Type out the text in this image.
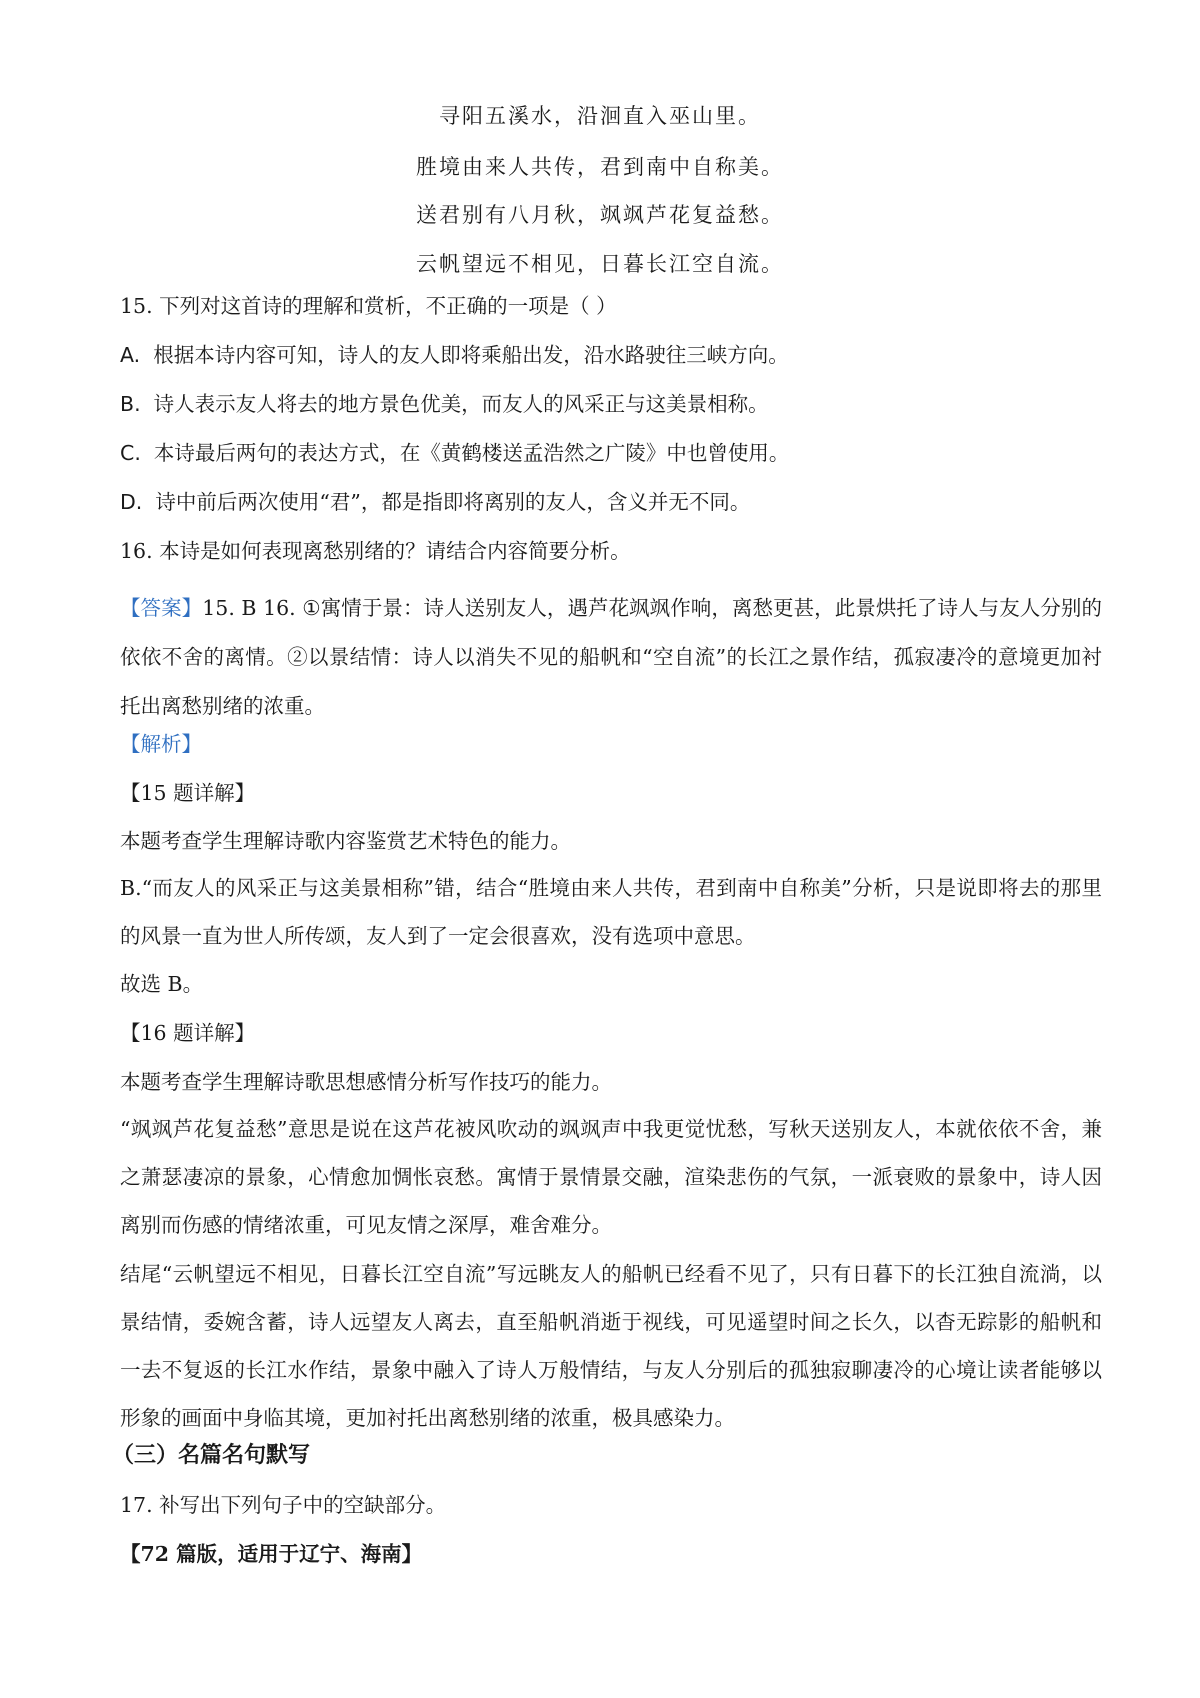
寻阳五溪水，沿洄直入巫山里。
胜境由来人共传，君到南中自称美。
送君别有八月秋，飒飒芦花复益愁。
云帆望远不相见，日暮长江空自流。
15. 下列对这首诗的理解和赏析，不正确的一项是（ ）
A. 根据本诗内容可知，诗人的友人即将乘船出发，沿水路驶往三峡方向。
B. 诗人表示友人将去的地方景色优美，而友人的风采正与这美景相称。
C. 本诗最后两句的表达方式，在《黄鹤楼送孟浩然之广陵》中也曾使用。
D. 诗中前后两次使用“君”，都是指即将离别的友人，含义并无不同。
16. 本诗是如何表现离愁别绪的？请结合内容简要分析。
【答案】15. B 16. ①寓情于景：诗人送别友人，遇芦花飒飒作响，离愁更甚，此景烘托了诗人与友人分别的依依不舍的离情。②以景结情：诗人以消失不见的船帆和“空自流”的长江之景作结，孤寂凄冷的意境更加衬托出离愁别绪的浓重。
【解析】
【15 题详解】
本题考查学生理解诗歌内容鉴赏艺术特色的能力。
B.“而友人的风采正与这美景相称”错，结合“胜境由来人共传，君到南中自称美”分析，只是说即将去的那里的风景一直为世人所传颂，友人到了一定会很喜欢，没有选项中意思。
故选 B。
【16 题详解】
本题考查学生理解诗歌思想感情分析写作技巧的能力。
“飒飒芦花复益愁”意思是说在这芦花被风吹动的飒飒声中我更觉忧愁，写秋天送别友人，本就依依不舍，兼之萧瑟凄凉的景象，心情愈加惆怅哀愁。寓情于景情景交融，渲染悲伤的气氛，一派衰败的景象中，诗人因离别而伤感的情绪浓重，可见友情之深厚，难舍难分。
结尾“云帆望远不相见，日暮长江空自流”写远眺友人的船帆已经看不见了，只有日暮下的长江独自流淌，以景结情，委婉含蓄，诗人远望友人离去，直至船帆消逝于视线，可见遥望时间之长久，以杳无踪影的船帆和一去不复返的长江水作结，景象中融入了诗人万般情结，与友人分别后的孤独寂聊凄冷的心境让读者能够以形象的画面中身临其境，更加衬托出离愁别绪的浓重，极具感染力。
（三）名篇名句默写
17. 补写出下列句子中的空缺部分。
【72 篇版，适用于辽宁、海南】
